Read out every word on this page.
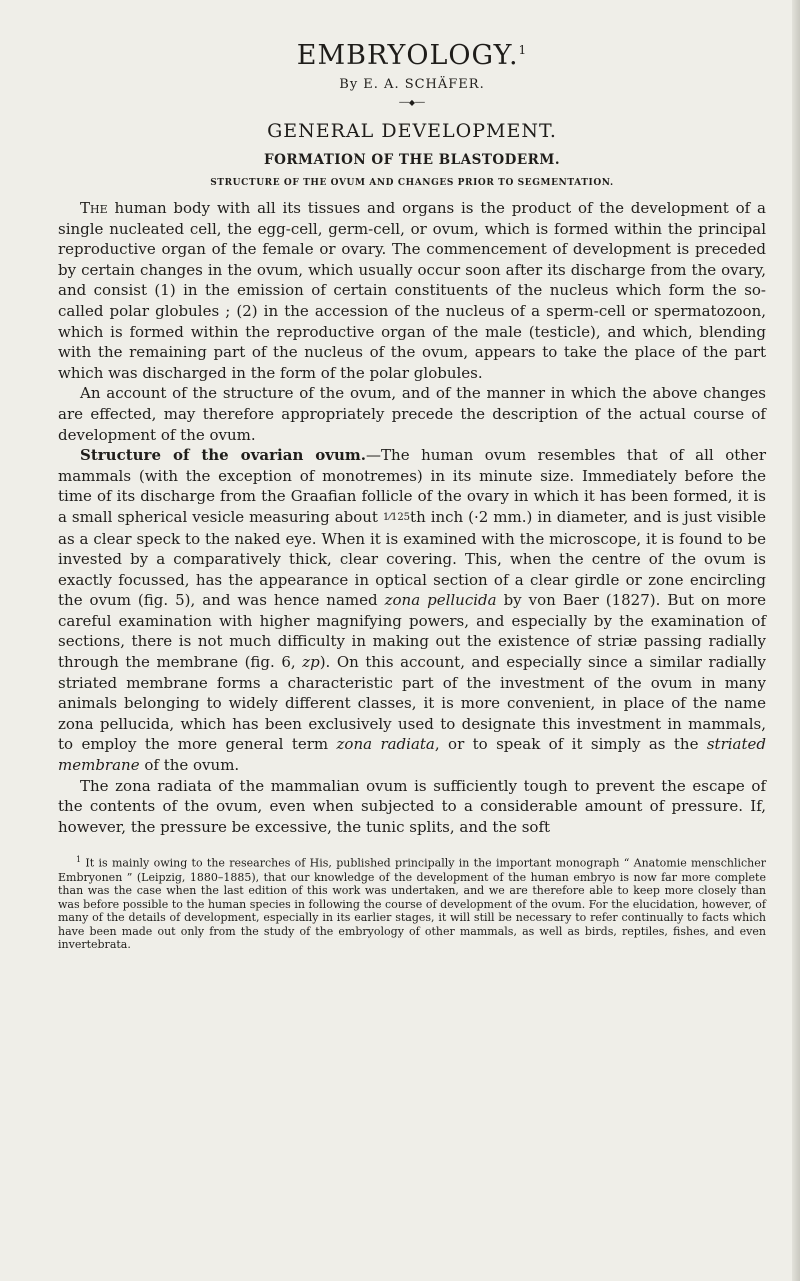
EMBRYOLOGY.$^1$
By E. A. SCHÄFER.
──◆──
GENERAL DEVELOPMENT.
FORMATION OF THE BLASTODERM.
STRUCTURE OF THE OVUM AND CHANGES PRIOR TO SEGMENTATION.

The human body with all its tissues and organs is the product of the development of a single nucleated cell, the egg-cell, germ-cell, or ovum, which is formed within the principal reproductive organ of the female or ovary. The commencement of development is preceded by certain changes in the ovum, which usually occur soon after its discharge from the ovary, and consist (1) in the emission of certain constituents of the nucleus which form the so-called polar globules ; (2) in the accession of the nucleus of a sperm-cell or spermatozoon, which is formed within the reproductive organ of the male (testicle), and which, blending with the remaining part of the nucleus of the ovum, appears to take the place of the part which was discharged in the form of the polar globules.

An account of the structure of the ovum, and of the manner in which the above changes are effected, may therefore appropriately precede the description of the actual course of development of the ovum.

Structure of the ovarian ovum.—The human ovum resembles that of all other mammals (with the exception of monotremes) in its minute size. Immediately before the time of its discharge from the Graafian follicle of the ovary in which it has been formed, it is a small spherical vesicle measuring about 1⁄125th inch (·2 mm.) in diameter, and is just visible as a clear speck to the naked eye. When it is examined with the microscope, it is found to be invested by a comparatively thick, clear covering. This, when the centre of the ovum is exactly focussed, has the appearance in optical section of a clear girdle or zone encircling the ovum (fig. 5), and was hence named zona pellucida by von Baer (1827). But on more careful examination with higher magnifying powers, and especially by the examination of sections, there is not much difficulty in making out the existence of striæ passing radially through the membrane (fig. 6, zp). On this account, and especially since a similar radially striated membrane forms a characteristic part of the investment of the ovum in many animals belonging to widely different classes, it is more convenient, in place of the name zona pellucida, which has been exclusively used to designate this investment in mammals, to employ the more general term zona radiata, or to speak of it simply as the striated membrane of the ovum.

The zona radiata of the mammalian ovum is sufficiently tough to prevent the escape of the contents of the ovum, even when subjected to a considerable amount of pressure. If, however, the pressure be excessive, the tunic splits, and the soft

$^1$ It is mainly owing to the researches of His, published principally in the important monograph “ Anatomie menschlicher Embryonen ” (Leipzig, 1880–1885), that our knowledge of the development of the human embryo is now far more complete than was the case when the last edition of this work was undertaken, and we are therefore able to keep more closely than was before possible to the human species in following the course of development of the ovum. For the elucidation, however, of many of the details of development, especially in its earlier stages, it will still be necessary to refer continually to facts which have been made out only from the study of the embryology of other mammals, as well as birds, reptiles, fishes, and even invertebrata.
